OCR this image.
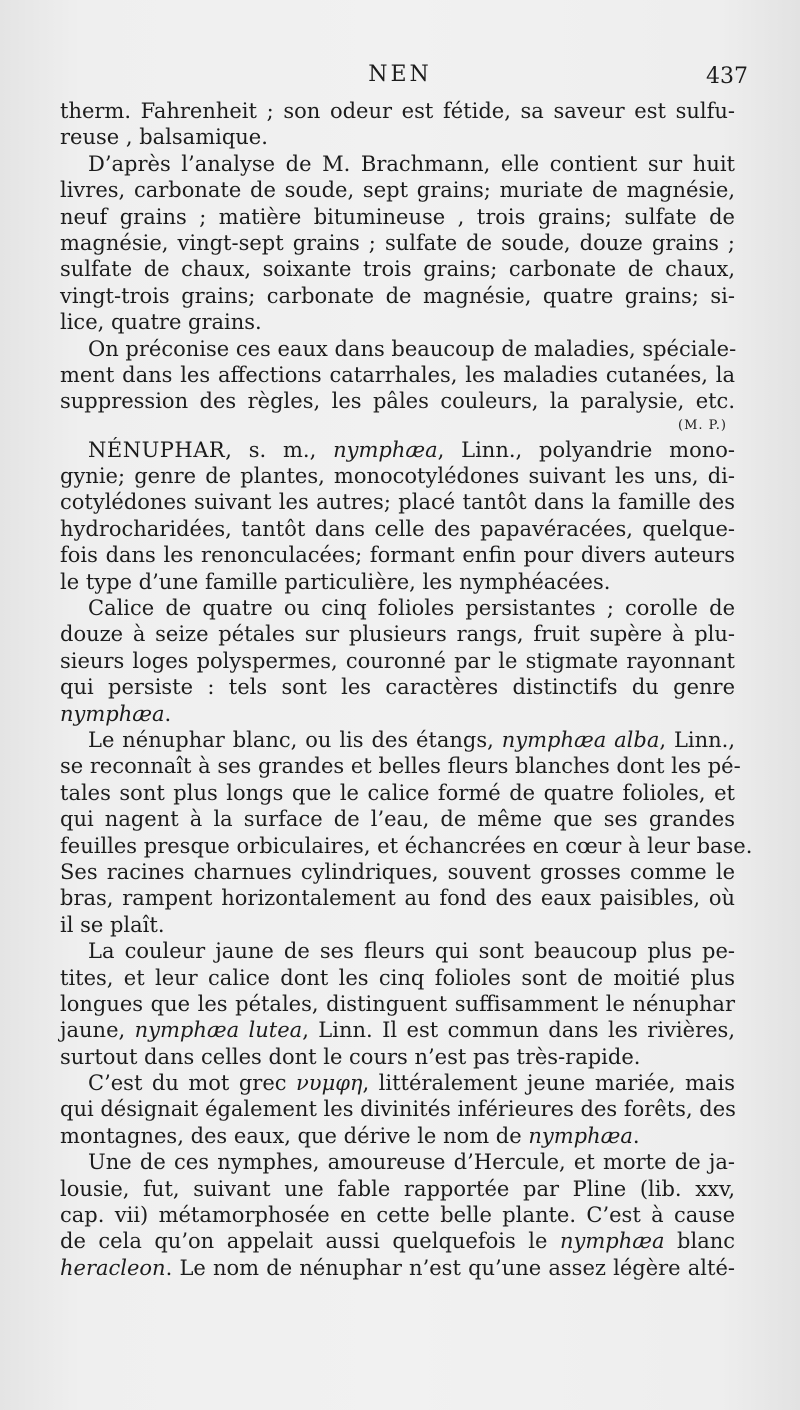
NEN	437
therm. Fahrenheit ; son odeur est fétide, sa saveur est sulfu-
reuse , balsamique.
D’après l’analyse de M. Brachmann, elle contient sur huit
livres, carbonate de soude, sept grains; muriate de magnésie,
neuf grains ; matière bitumineuse , trois grains; sulfate de
magnésie, vingt-sept grains ; sulfate de soude, douze grains ;
sulfate de chaux, soixante trois grains; carbonate de chaux,
vingt-trois grains; carbonate de magnésie, quatre grains; si-
lice, quatre grains.
On préconise ces eaux dans beaucoup de maladies, spéciale-
ment dans les affections catarrhales, les maladies cutanées, la
suppression des règles, les pâles couleurs, la paralysie, etc.
(M. P.)
NÉNUPHAR, s. m., nymphæa, Linn., polyandrie mono-
gynie; genre de plantes, monocotylédones suivant les uns, di-
cotylédones suivant les autres; placé tantôt dans la famille des
hydrocharidées, tantôt dans celle des papavéracées, quelque-
fois dans les renonculacées; formant enfin pour divers auteurs
le type d’une famille particulière, les nymphéacées.
Calice de quatre ou cinq folioles persistantes ; corolle de
douze à seize pétales sur plusieurs rangs, fruit supère à plu-
sieurs loges polyspermes, couronné par le stigmate rayonnant
qui persiste : tels sont les caractères distinctifs du genre
nymphæa.
Le nénuphar blanc, ou lis des étangs, nymphæa alba, Linn.,
se reconnaît à ses grandes et belles fleurs blanches dont les pé-
tales sont plus longs que le calice formé de quatre folioles, et
qui nagent à la surface de l’eau, de même que ses grandes
feuilles presque orbiculaires, et échancrées en cœur à leur base.
Ses racines charnues cylindriques, souvent grosses comme le
bras, rampent horizontalement au fond des eaux paisibles, où
il se plaît.
La couleur jaune de ses fleurs qui sont beaucoup plus pe-
tites, et leur calice dont les cinq folioles sont de moitié plus
longues que les pétales, distinguent suffisamment le nénuphar
jaune, nymphæa lutea, Linn. Il est commun dans les rivières,
surtout dans celles dont le cours n’est pas très-rapide.
C’est du mot grec νυμφη, littéralement jeune mariée, mais
qui désignait également les divinités inférieures des forêts, des
montagnes, des eaux, que dérive le nom de nymphæa.
Une de ces nymphes, amoureuse d’Hercule, et morte de ja-
lousie, fut, suivant une fable rapportée par Pline (lib. xxv,
cap. vii) métamorphosée en cette belle plante. C’est à cause
de cela qu’on appelait aussi quelquefois le nymphæa blanc
heracleon. Le nom de nénuphar n’est qu’une assez légère alté-
